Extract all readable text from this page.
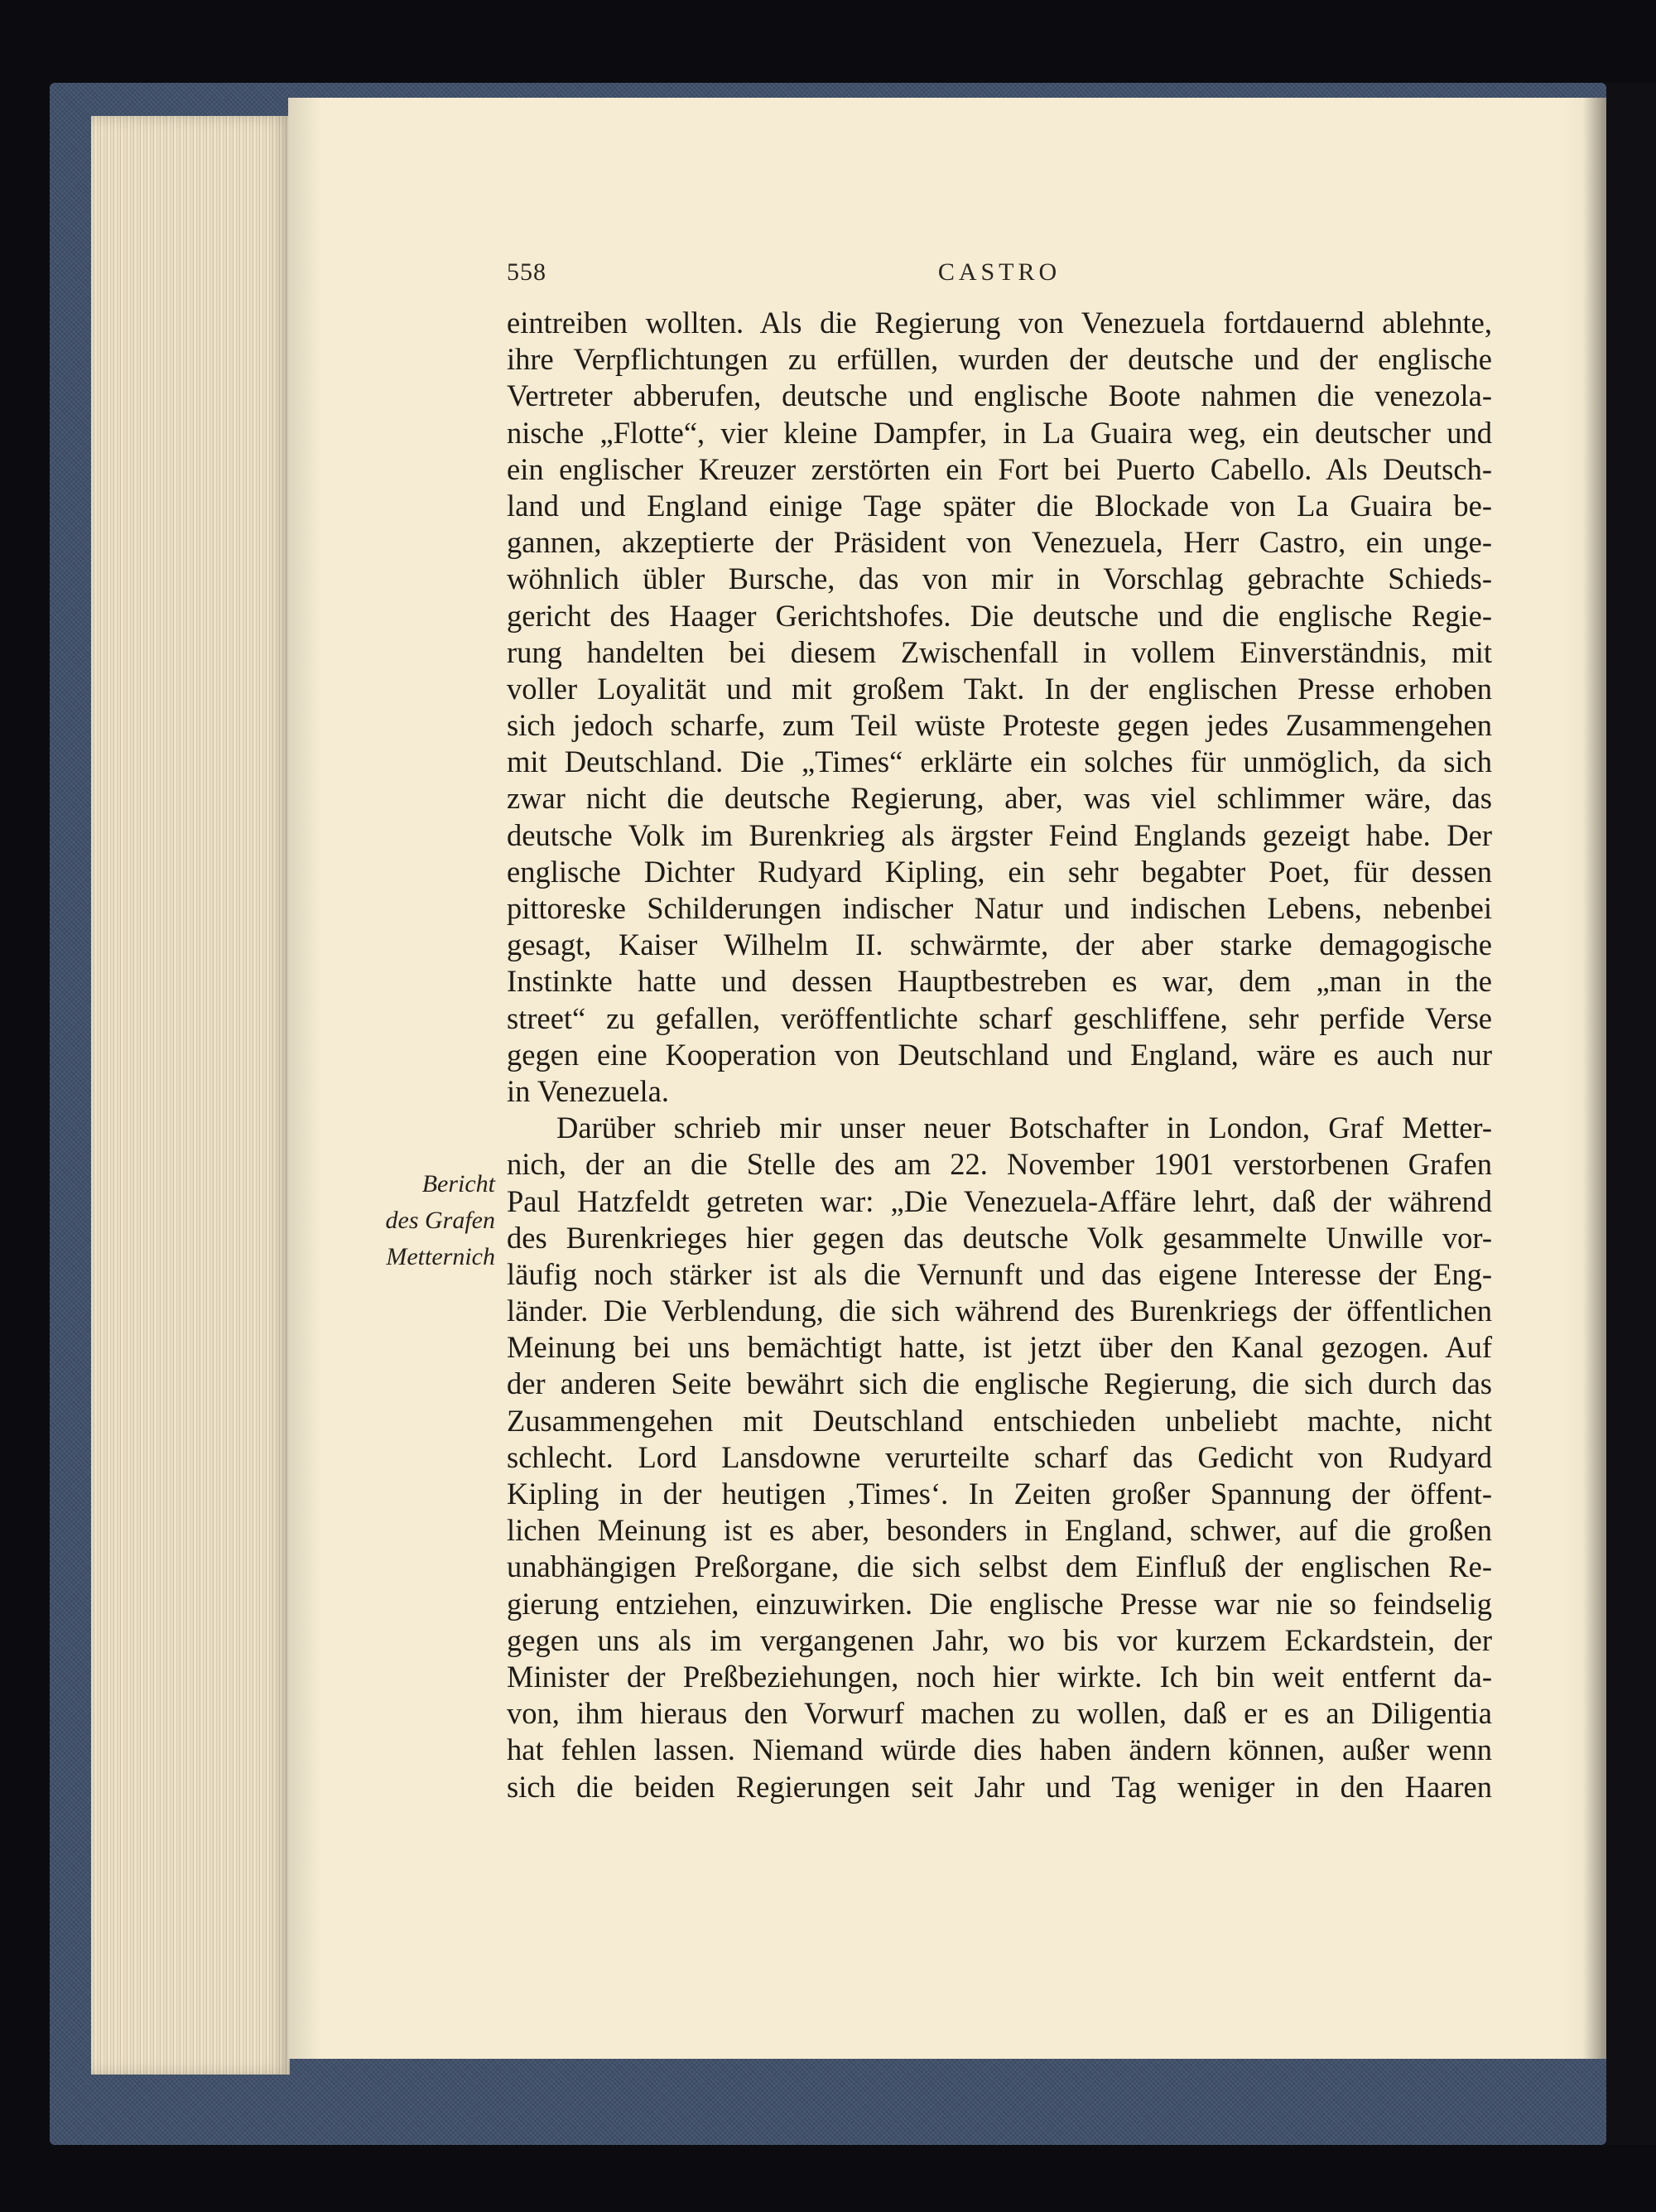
558	CASTRO
Bericht
des Grafen
Metternich
eintreiben wollten. Als die Regierung von Venezuela fortdauernd ablehnte,
ihre Verpflichtungen zu erfüllen, wurden der deutsche und der englische
Vertreter abberufen, deutsche und englische Boote nahmen die venezola-
nische „Flotte“, vier kleine Dampfer, in La Guaira weg, ein deutscher und
ein englischer Kreuzer zerstörten ein Fort bei Puerto Cabello. Als Deutsch-
land und England einige Tage später die Blockade von La Guaira be-
gannen, akzeptierte der Präsident von Venezuela, Herr Castro, ein unge-
wöhnlich übler Bursche, das von mir in Vorschlag gebrachte Schieds-
gericht des Haager Gerichtshofes. Die deutsche und die englische Regie-
rung handelten bei diesem Zwischenfall in vollem Einverständnis, mit
voller Loyalität und mit großem Takt. In der englischen Presse erhoben
sich jedoch scharfe, zum Teil wüste Proteste gegen jedes Zusammengehen
mit Deutschland. Die „Times“ erklärte ein solches für unmöglich, da sich
zwar nicht die deutsche Regierung, aber, was viel schlimmer wäre, das
deutsche Volk im Burenkrieg als ärgster Feind Englands gezeigt habe. Der
englische Dichter Rudyard Kipling, ein sehr begabter Poet, für dessen
pittoreske Schilderungen indischer Natur und indischen Lebens, nebenbei
gesagt, Kaiser Wilhelm II. schwärmte, der aber starke demagogische
Instinkte hatte und dessen Hauptbestreben es war, dem „man in the
street“ zu gefallen, veröffentlichte scharf geschliffene, sehr perfide Verse
gegen eine Kooperation von Deutschland und England, wäre es auch nur
in Venezuela.
Darüber schrieb mir unser neuer Botschafter in London, Graf Metter-
nich, der an die Stelle des am 22. November 1901 verstorbenen Grafen
Paul Hatzfeldt getreten war: „Die Venezuela-Affäre lehrt, daß der während
des Burenkrieges hier gegen das deutsche Volk gesammelte Unwille vor-
läufig noch stärker ist als die Vernunft und das eigene Interesse der Eng-
länder. Die Verblendung, die sich während des Burenkriegs der öffentlichen
Meinung bei uns bemächtigt hatte, ist jetzt über den Kanal gezogen. Auf
der anderen Seite bewährt sich die englische Regierung, die sich durch das
Zusammengehen mit Deutschland entschieden unbeliebt machte, nicht
schlecht. Lord Lansdowne verurteilte scharf das Gedicht von Rudyard
Kipling in der heutigen ‚Times‘. In Zeiten großer Spannung der öffent-
lichen Meinung ist es aber, besonders in England, schwer, auf die großen
unabhängigen Preßorgane, die sich selbst dem Einfluß der englischen Re-
gierung entziehen, einzuwirken. Die englische Presse war nie so feindselig
gegen uns als im vergangenen Jahr, wo bis vor kurzem Eckardstein, der
Minister der Preßbeziehungen, noch hier wirkte. Ich bin weit entfernt da-
von, ihm hieraus den Vorwurf machen zu wollen, daß er es an Diligentia
hat fehlen lassen. Niemand würde dies haben ändern können, außer wenn
sich die beiden Regierungen seit Jahr und Tag weniger in den Haaren
